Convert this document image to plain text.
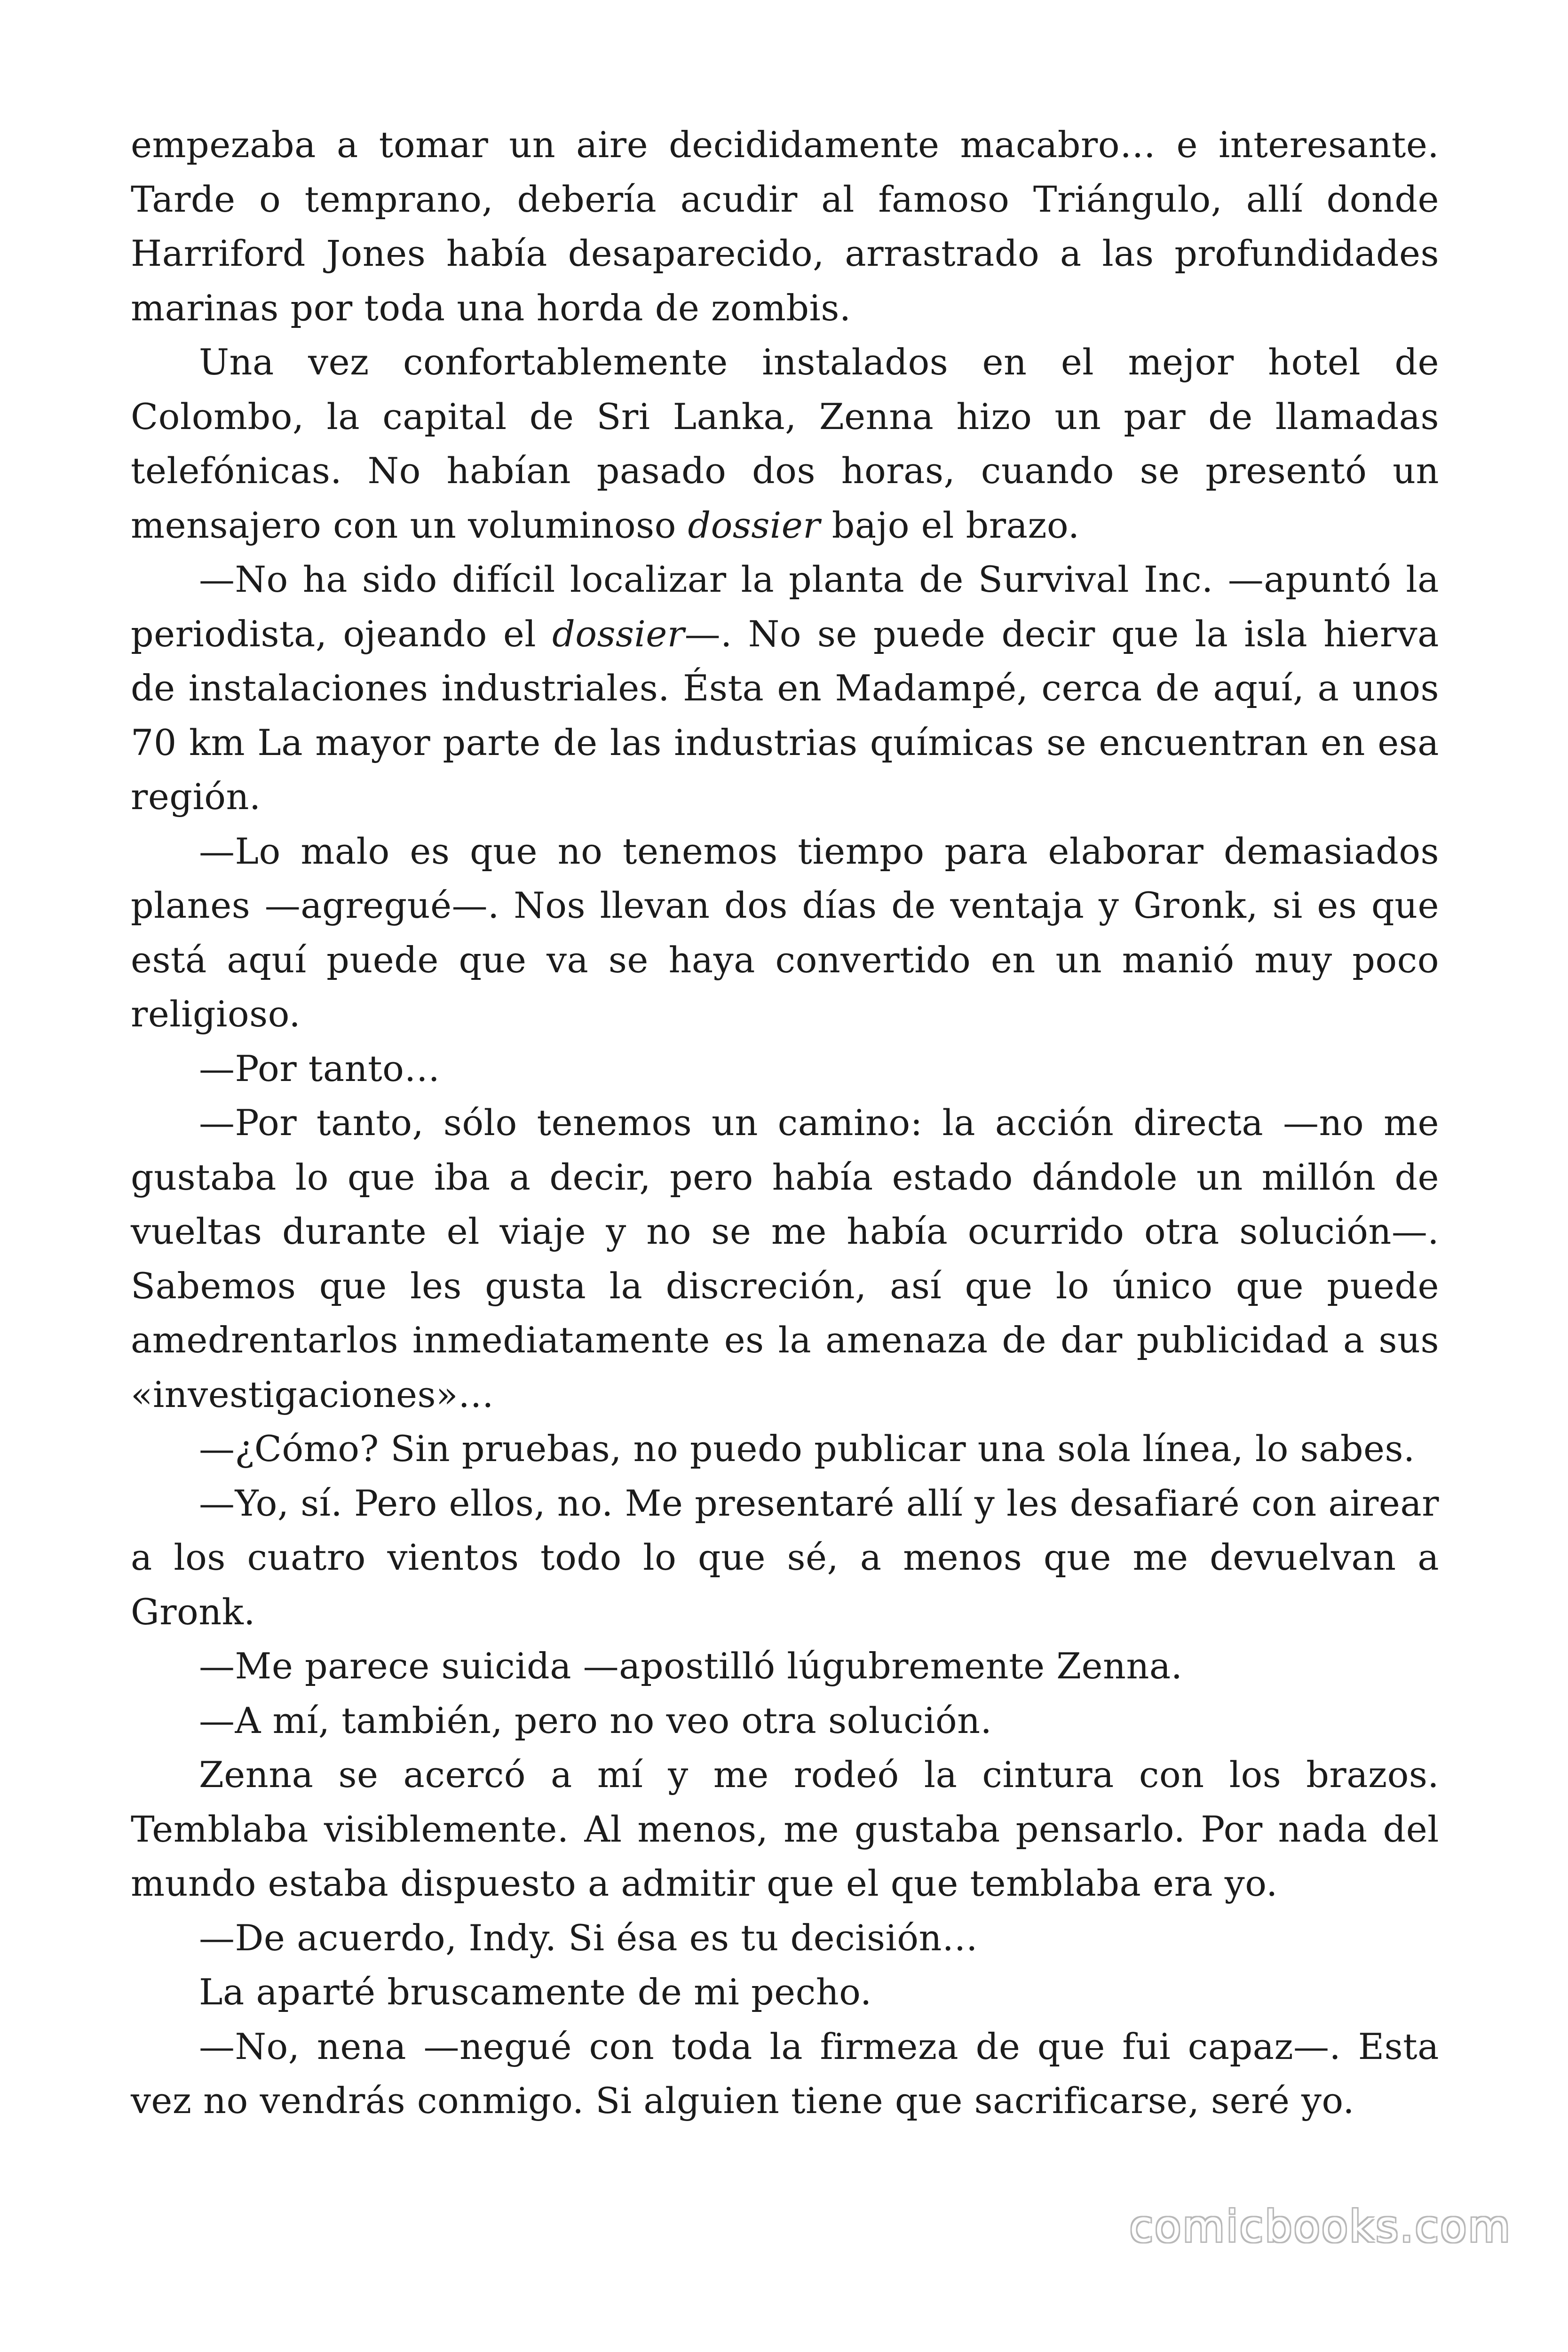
empezaba a tomar un aire decididamente macabro… e interesante. Tarde o temprano, debería acudir al famoso Triángulo, allí donde Harriford Jones había desaparecido, arrastrado a las profundidades marinas por toda una horda de zombis.

Una vez confortablemente instalados en el mejor hotel de Colombo, la capital de Sri Lanka, Zenna hizo un par de llamadas telefónicas. No habían pasado dos horas, cuando se presentó un mensajero con un voluminoso dossier bajo el brazo.

—No ha sido difícil localizar la planta de Survival Inc. —apuntó la periodista, ojeando el dossier—. No se puede decir que la isla hierva de instalaciones industriales. Ésta en Madampé, cerca de aquí, a unos 70 km La mayor parte de las industrias químicas se encuentran en esa región.

—Lo malo es que no tenemos tiempo para elaborar demasiados planes —agregué—. Nos llevan dos días de ventaja y Gronk, si es que está aquí puede que va se haya convertido en un manió muy poco religioso.

—Por tanto…

—Por tanto, sólo tenemos un camino: la acción directa —no me gustaba lo que iba a decir, pero había estado dándole un millón de vueltas durante el viaje y no se me había ocurrido otra solución—. Sabemos que les gusta la discreción, así que lo único que puede amedrentarlos inmediatamente es la amenaza de dar publicidad a sus «investigaciones»…

—¿Cómo? Sin pruebas, no puedo publicar una sola línea, lo sabes.

—Yo, sí. Pero ellos, no. Me presentaré allí y les desafiaré con airear a los cuatro vientos todo lo que sé, a menos que me devuelvan a Gronk.

—Me parece suicida —apostilló lúgubremente Zenna.

—A mí, también, pero no veo otra solución.

Zenna se acercó a mí y me rodeó la cintura con los brazos. Temblaba visiblemente. Al menos, me gustaba pensarlo. Por nada del mundo estaba dispuesto a admitir que el que temblaba era yo.

—De acuerdo, Indy. Si ésa es tu decisión…

La aparté bruscamente de mi pecho.

—No, nena —negué con toda la firmeza de que fui capaz—. Esta vez no vendrás conmigo. Si alguien tiene que sacrificarse, seré yo.

comicbooks.com
